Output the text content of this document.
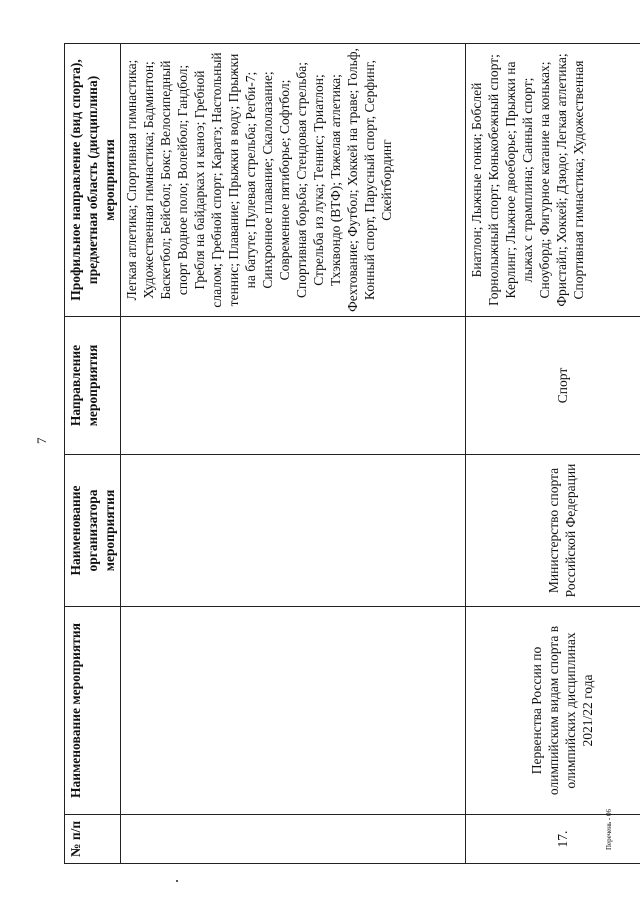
7
№ п/п	Наименование мероприятия	Наименование организатора мероприятия	Направление мероприятия	Профильное направление (вид спорта), предметная область (дисциплина) мероприятия
				Легкая атлетика; Спортивная гимнастика; Художественная гимнастика; Бадминтон; Баскетбол; Бейсбол; Бокс; Велосипедный спорт Водное поло; Волейбол; Гандбол; Гребля на байдарках и каноэ; Гребной слалом; Гребной спорт; Каратэ; Настольный теннис; Плавание; Прыжки в воду; Прыжки на батуте; Пулевая стрельба; Регби-7; Синхронное плавание; Скалолазание; Современное пятиборье; Софтбол; Спортивная борьба; Стендовая стрельба; Стрельба из лука; Теннис; Триатлон; Тхэквондо (ВТФ); Тяжелая атлетика; Фехтование; Футбол; Хоккей на траве; Гольф, Конный спорт, Парусный спорт, Серфинг, Скейтбординг
17.	Первенства России по олимпийским видам спорта в олимпийских дисциплинах 2021/22 года	Министерство спорта Российской Федерации	Спорт	Биатлон; Лыжные гонки; Бобслей Горнолыжный спорт; Конькобежный спорт; Керлинг; Лыжное двоеборье; Прыжки на лыжах с трамплина; Санный спорт; Сноуборд; Фигурное катание на коньках; Фристайл; Хоккей; Дзюдо; Легкая атлетика; Спортивная гимнастика; Художественная
Перечень - 06
